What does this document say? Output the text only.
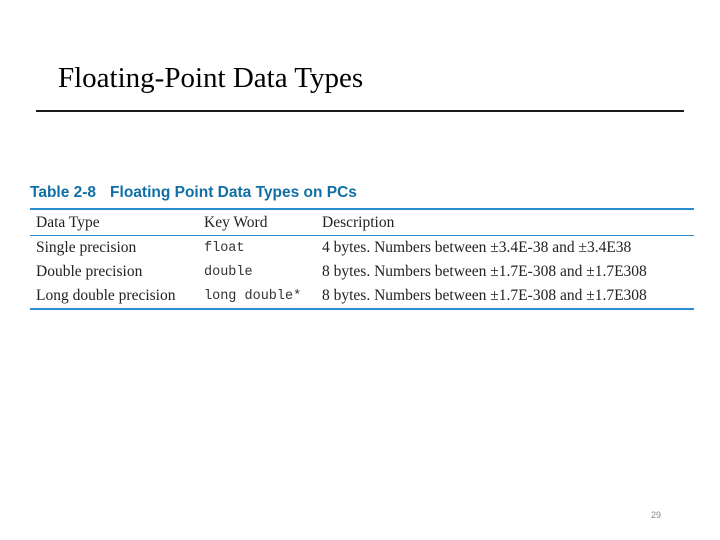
Floating-Point Data Types
Table 2-8 Floating Point Data Types on PCs
Data Type	Key Word	Description
Single precision	float	4 bytes. Numbers between ±3.4E-38 and ±3.4E38
Double precision	double	8 bytes. Numbers between ±1.7E-308 and ±1.7E308
Long double precision	long double*	8 bytes. Numbers between ±1.7E-308 and ±1.7E308
29
